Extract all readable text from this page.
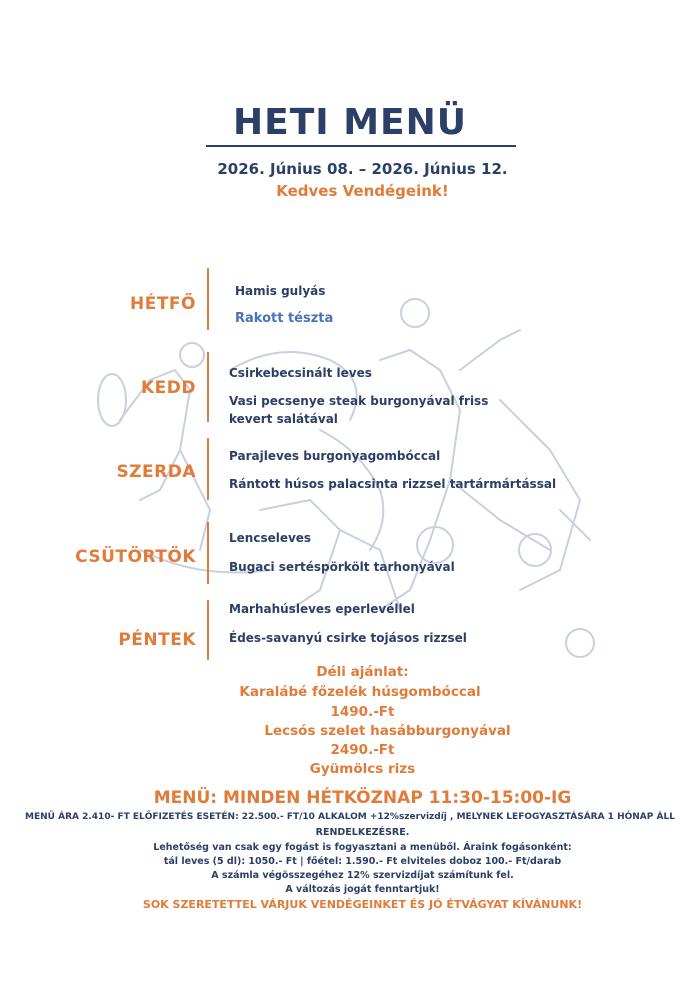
HETI MENÜ
2026. Június 08. – 2026. Június 12.
Kedves Vendégeink!
HÉTFŐ
Hamis gulyás
Rakott tészta
KEDD
Csirkebecsinált leves
Vasi pecsenye steak burgonyával friss kevert salátával
SZERDA
Parajleves burgonyagombóccal
Rántott húsos palacsinta rizzsel tartármártással
CSÜTÖRTÖK
Lencseleves
Bugaci sertéspörkölt tarhonyával
PÉNTEK
Marhahúsleves eperlevéllel
Édes-savanyú csirke tojásos rizzsel
Déli ajánlat:
Karalábé főzelék húsgombóccal
1490.-Ft
Lecsós szelet hasábburgonyával
2490.-Ft
Gyümölcs rizs
MENÜ: MINDEN HÉTKÖZNAP 11:30-15:00-IG
MENÜ ÁRA 2.410- FT ELŐFIZETÉS ESETÉN: 22.500.- FT/10 ALKALOM +12%szervizdíj , MELYNEK LEFOGYASZTÁSÁRA 1 HÓNAP ÁLL
RENDELKEZÉSRE.
Lehetőség van csak egy fogást is fogyasztani a menüből. Áraink fogásonként:
tál leves (5 dl): 1050.- Ft | főétel: 1.590.- Ft elviteles doboz 100.- Ft/darab
A számla végösszegéhez 12% szervizdíjat számítunk fel.
A változás jogát fenntartjuk!
SOK SZERETETTEL VÁRJUK VENDÉGEINKET ÉS JÓ ÉTVÁGYAT KÍVÁNUNK!
